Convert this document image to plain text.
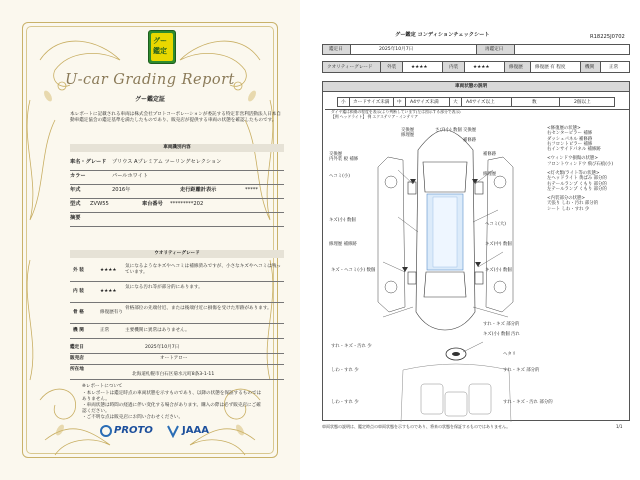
グー
鑑定
U-car Grading Report
グー鑑定証
本レポートに記載される車両は株式会社プロトコーポレーションが委託する特定非営利活動法人日本自動車鑑定協会の鑑定基準を満たしたものであり、販売店が提供する車両の状態を確認したものです。
車両識別内容
車名・グレード プリウス Aプレミアム ツーリングセレクション
カラー	パールホワイト
年式	2016年	走行距離計表示	*****
型式 ZVW55	車台番号 *********202
摘要
ウオリティーグレード
外 装	★★★★
気になるようなキズやヘコミは補修済みですが、小さなキズやヘコミは残っています。
内 装	★★★★
気になる汚れ等が部分的にあります。
骨 格	修復歴有り
骨格部位の先端付近、または後端付近に損傷を受けた形跡があります。
機 関	正常	主要機関に異常はありません。
鑑定日	2025年10月7日
販売店	オートアロー
所在地
北海道札幌市白石区菊水元町8条3-1-11
※レポートについて
・本レポートは鑑定時点の車両状態を示すものであり、以降の状態を保証するものではありません。
・車両状態は時間の経過に伴い変化する場合があります。購入の際は必ず販売店にご確認ください。
・ご不明な点は販売店にお問い合わせください。
PROTO	JAAA
R18225J0702
グー鑑定 コンディションチェックシート
鑑定日	2025年10月7日	再鑑定日
クオリティーグレード	外装	★★★★	内装	★★★★	修復歴	修復歴 有 程度	機関	正常
車両状態の説明
小 カードサイズ未満 中 A4サイズ未満	大 A4サイズ以上	数	2個以上
ダイヤ鑑は損傷の程度を表示(より判断しています)左は図示する部分で表示)
【例 ヘッドライト】 例 エクステリア・インテリア
交換歴
修理歴
さび(小) 数個 交換歴
補修跡
交換歴
内外装 板 補修
補修跡
修理歴
ヘコミ(小)
キズ(小) 数個
ヘコミ(大)
修理歴 補修跡	キズ(中) 数個
キズ・ヘコミ(小) 数個	キズ(小) 数個
すれ・キズ 部分的
キズ(小) 数個 汚れ
すれ・キズ・汚れ 少
ヘタリ
しわ・すれ 少	すれ・キズ 部分的
しわ・すれ 少	すれ・キズ・汚れ 部分的
<修復歴の状態>
右センターピラー 補修
ダッシュパネル 補修跡
右フロントピラー 補修
右インサイドパネル 補修跡
<ウィンドウ損傷の状態>
フロントウィンドウ 飛び石痕(小)
<灯火類/ライト等の状態>
左ヘッドライト 黄ばみ 部分的
右テールランプ くもり 部分的
左テールランプ くもり 部分的
<内装部分の状態>
天張り しわ・汚れ 部分的
シート しわ・すれ 少
車両状態の説明は、鑑定時点の車両状態を示すものであり、将来の状態を保証するものではありません。	1/1
